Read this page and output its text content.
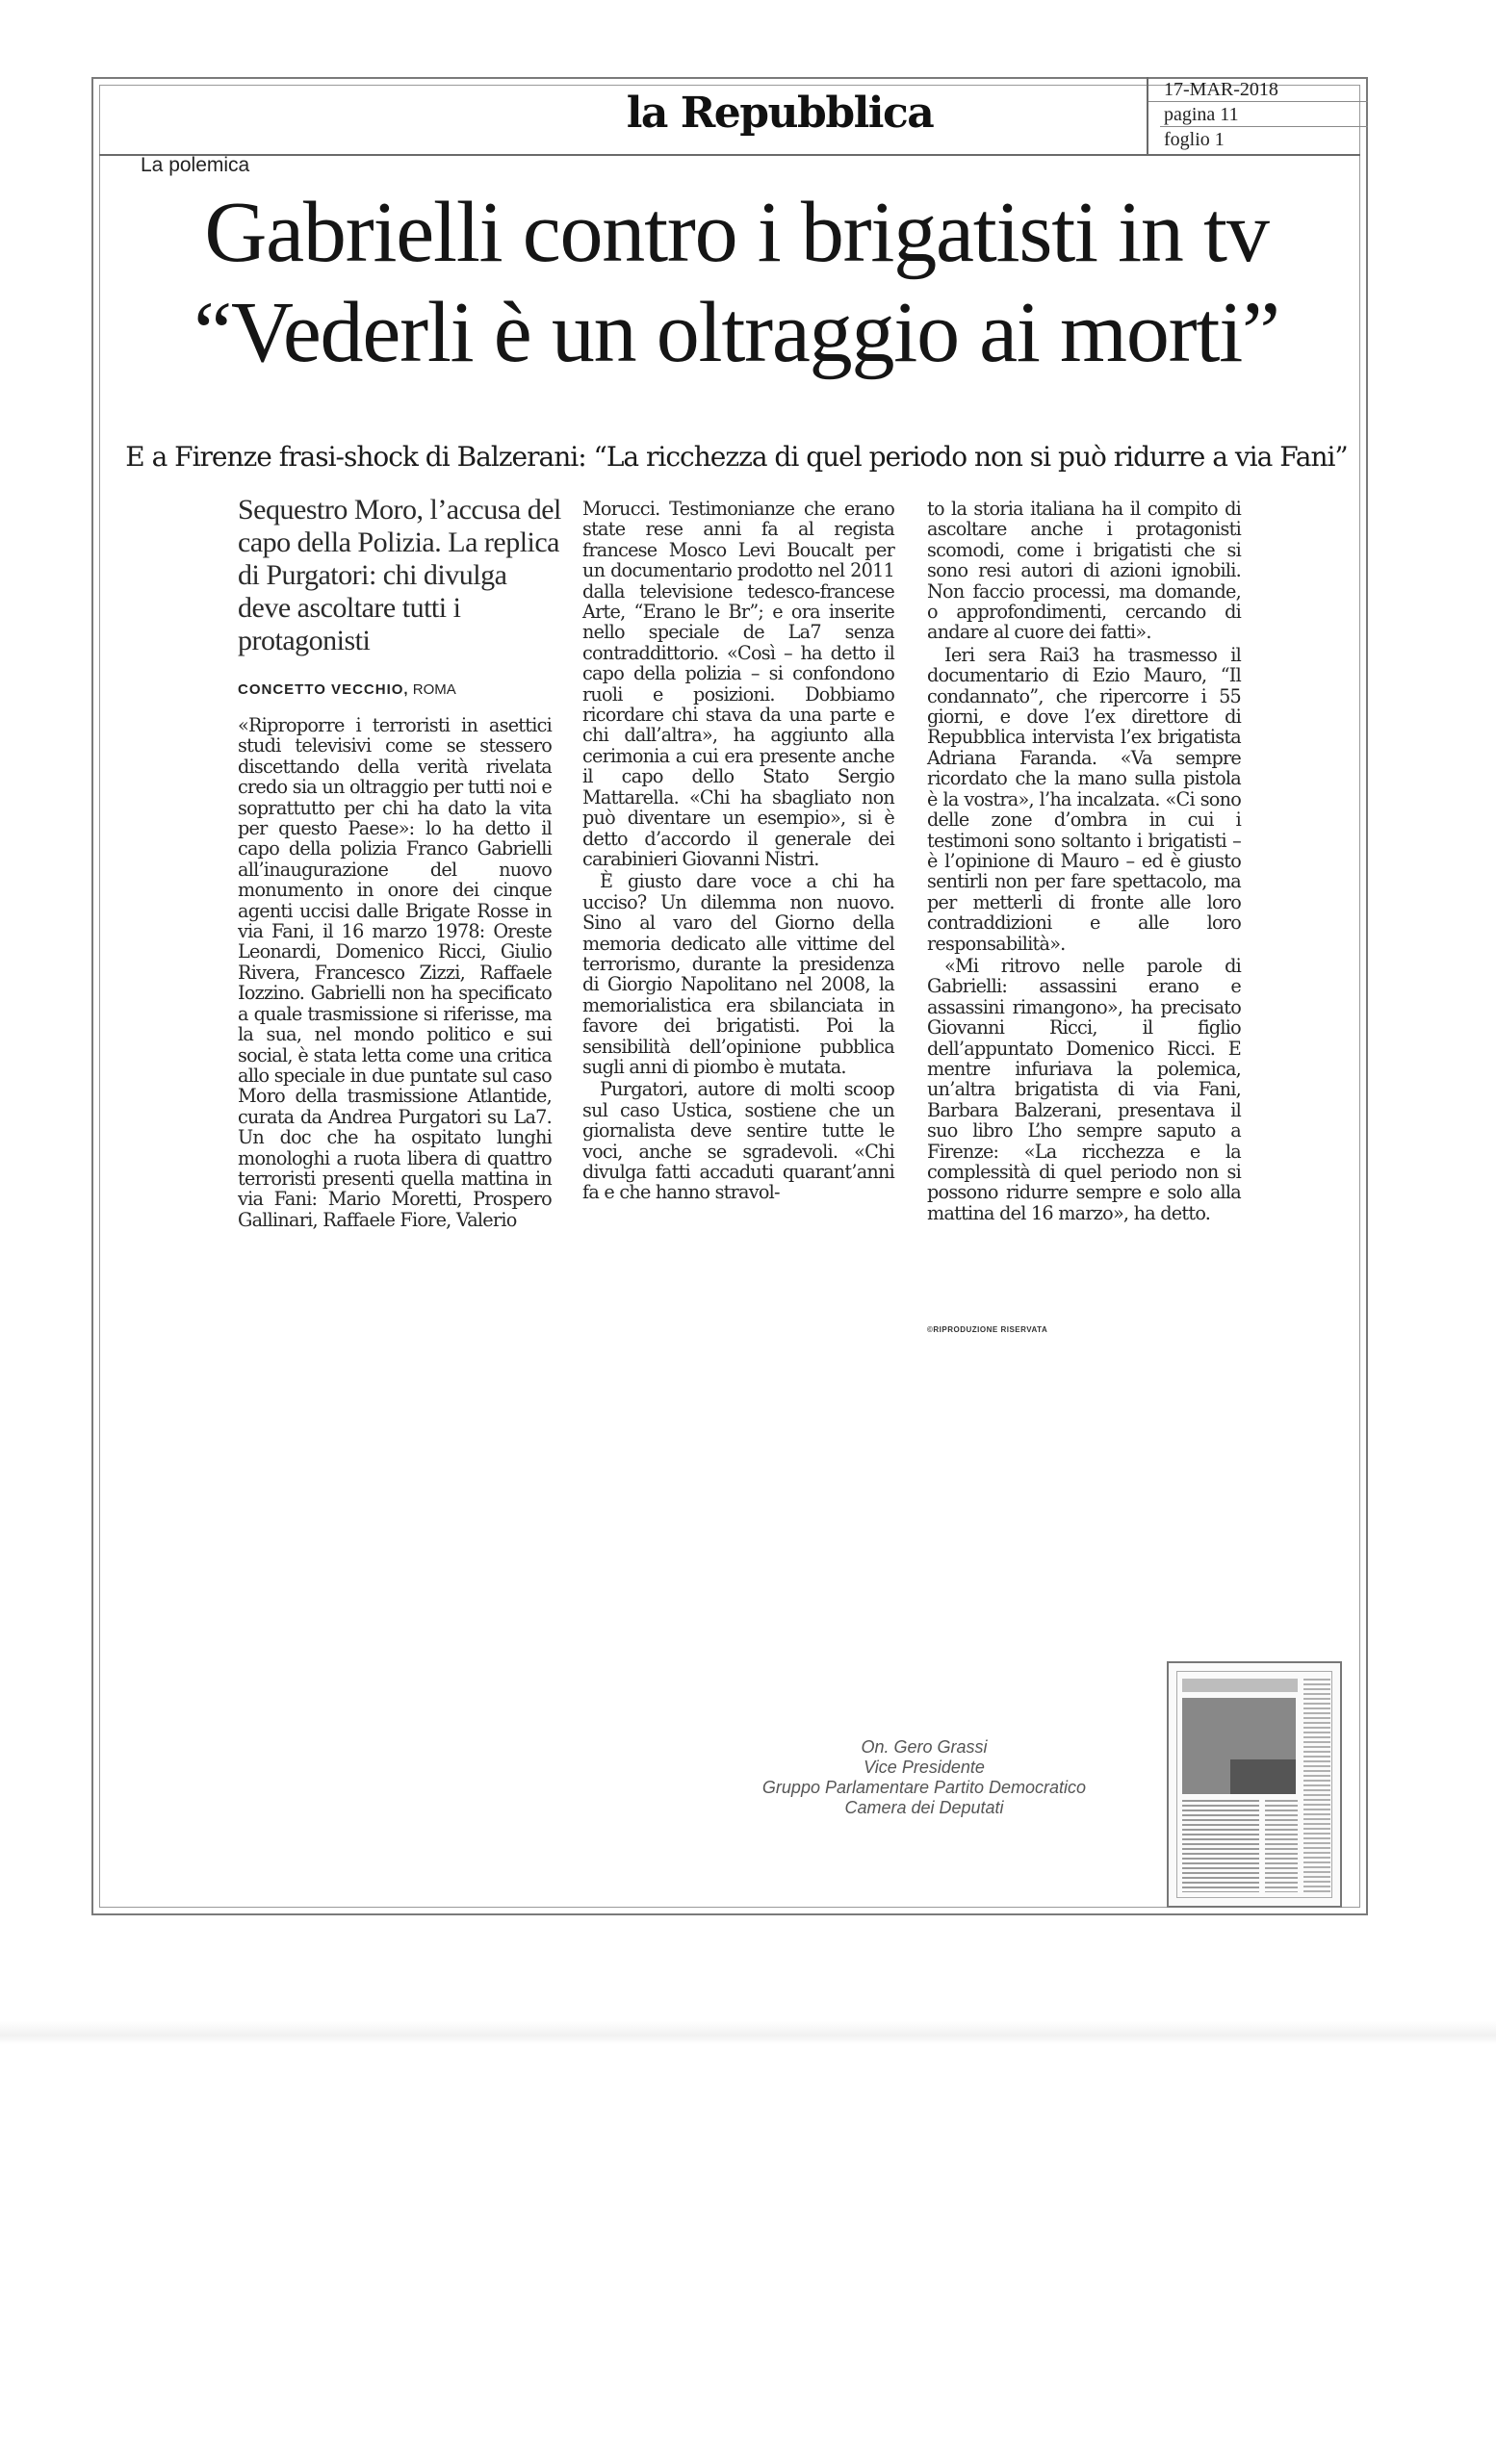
la Repubblica	17-MAR-2018
pagina 11
foglio 1
La polemica
Gabrielli contro i brigatisti in tv
“Vederli è un oltraggio ai morti”
E a Firenze frasi-shock di Balzerani: “La ricchezza di quel periodo non si può ridurre a via Fani”
Sequestro Moro, l’accusa del capo della Polizia. La replica di Purgatori: chi divulga deve ascoltare tutti i protagonisti
CONCETTO VECCHIO, ROMA

«Riproporre i terroristi in asettici studi televisivi come se stessero discettando della verità rivelata credo sia un oltraggio per tutti noi e soprattutto per chi ha dato la vita per questo Paese»: lo ha detto il capo della polizia Franco Gabrielli all’inaugurazione del nuovo monumento in onore dei cinque agenti uccisi dalle Brigate Rosse in via Fani, il 16 marzo 1978: Oreste Leonardi, Domenico Ricci, Giulio Rivera, Francesco Zizzi, Raffaele Iozzino. Gabrielli non ha specificato a quale trasmissione si riferisse, ma la sua, nel mondo politico e sui social, è stata letta come una critica allo speciale in due puntate sul caso Moro della trasmissione Atlantide, curata da Andrea Purgatori su La7. Un doc che ha ospitato lunghi monologhi a ruota libera di quattro terroristi presenti quella mattina in via Fani: Mario Moretti, Prospero Gallinari, Raffaele Fiore, Valerio

Morucci. Testimonianze che erano state rese anni fa al regista francese Mosco Levi Boucalt per un documentario prodotto nel 2011 dalla televisione tedesco-francese Arte, “Erano le Br”; e ora inserite nello speciale de La7 senza contraddittorio. «Così – ha detto il capo della polizia – si confondono ruoli e posizioni. Dobbiamo ricordare chi stava da una parte e chi dall’altra», ha aggiunto alla cerimonia a cui era presente anche il capo dello Stato Sergio Mattarella. «Chi ha sbagliato non può diventare un esempio», si è detto d’accordo il generale dei carabinieri Giovanni Nistri.

È giusto dare voce a chi ha ucciso? Un dilemma non nuovo. Sino al varo del Giorno della memoria dedicato alle vittime del terrorismo, durante la presidenza di Giorgio Napolitano nel 2008, la memorialistica era sbilanciata in favore dei brigatisti. Poi la sensibilità dell’opinione pubblica sugli anni di piombo è mutata.

Purgatori, autore di molti scoop sul caso Ustica, sostiene che un giornalista deve sentire tutte le voci, anche se sgradevoli. «Chi divulga fatti accaduti quarant’anni fa e che hanno stravol-

to la storia italiana ha il compito di ascoltare anche i protagonisti scomodi, come i brigatisti che si sono resi autori di azioni ignobili. Non faccio processi, ma domande, o approfondimenti, cercando di andare al cuore dei fatti».

Ieri sera Rai3 ha trasmesso il documentario di Ezio Mauro, “Il condannato”, che ripercorre i 55 giorni, e dove l’ex direttore di Repubblica intervista l’ex brigatista Adriana Faranda. «Va sempre ricordato che la mano sulla pistola è la vostra», l’ha incalzata. «Ci sono delle zone d’ombra in cui i testimoni sono soltanto i brigatisti – è l’opinione di Mauro – ed è giusto sentirli non per fare spettacolo, ma per metterli di fronte alle loro contraddizioni e alle loro responsabilità».

«Mi ritrovo nelle parole di Gabrielli: assassini erano e assassini rimangono», ha precisato Giovanni Ricci, il figlio dell’appuntato Domenico Ricci. E mentre infuriava la polemica, un’altra brigatista di via Fani, Barbara Balzerani, presentava il suo libro L’ho sempre saputo a Firenze: «La ricchezza e la complessità di quel periodo non si possono ridurre sempre e solo alla mattina del 16 marzo», ha detto.

©RIPRODUZIONE RISERVATA
On. Gero Grassi
Vice Presidente
Gruppo Parlamentare Partito Democratico
Camera dei Deputati
